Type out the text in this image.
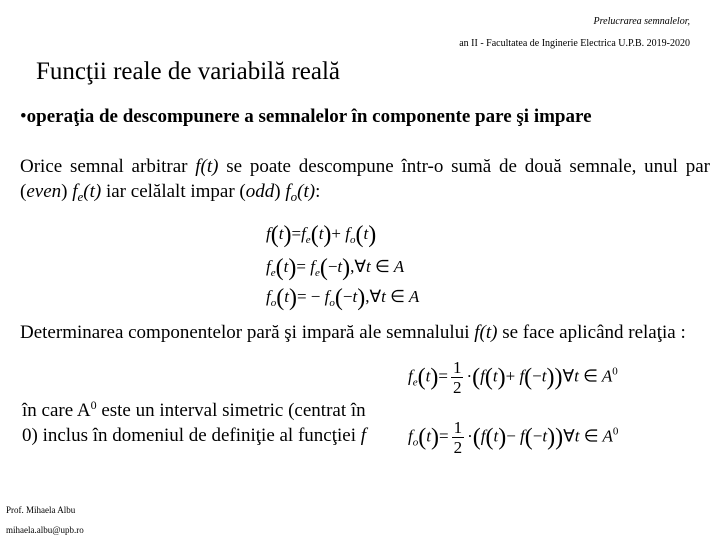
Prelucrarea semnalelor,
an II - Facultatea de Inginerie Electrica U.P.B. 2019-2020
Funcţii reale de variabilă reală
•operaţia de descompunere a semnalelor în componente pare şi impare
Orice semnal arbitrar f(t) se poate descompune într-o sumă de două semnale, unul par (even) $f_e(t)$ iar celălalt impar (odd) $f_o(t)$:
$f(t)=f_e(t)+ f_o(t)$
$f_e(t)=$ $f_e(-t),\forall t$ ∈ A
$f_o(t)=$ − $f_o(-t),\forall t$ ∈ A
Determinarea componentelor pară şi impară ale semnalului f(t) se face aplicând relaţia :
$f_e(t)= \frac{1}{2} \cdot(f(t)+$ f(−t))∀t ∈ $A^0$
$f_o(t)= \frac{1}{2} \cdot(f(t)-$ f(−t))∀t ∈ $A^0$
în care $A^0$ este un interval simetric (centrat în 0) inclus în domeniul de definiţie al funcţiei f
Prof. Mihaela Albu
mihaela.albu@upb.ro
